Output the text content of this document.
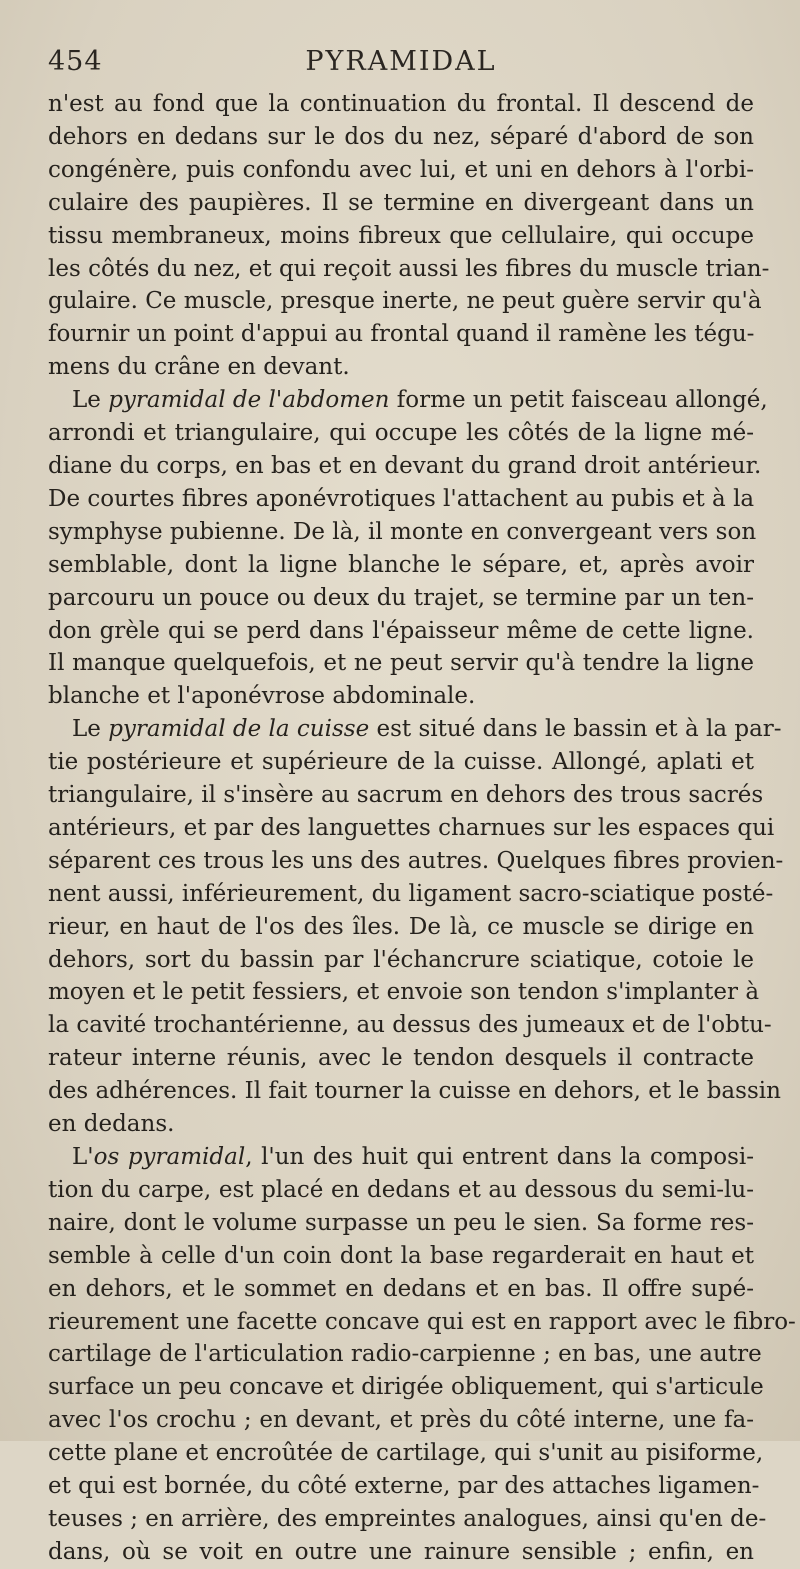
454	PYRAMIDAL

n'est au fond que la continuation du frontal. Il descend de
dehors en dedans sur le dos du nez, séparé d'abord de son
congénère, puis confondu avec lui, et uni en dehors à l'orbi-
culaire des paupières. Il se termine en divergeant dans un
tissu membraneux, moins fibreux que cellulaire, qui occupe
les côtés du nez, et qui reçoit aussi les fibres du muscle trian-
gulaire. Ce muscle, presque inerte, ne peut guère servir qu'à
fournir un point d'appui au frontal quand il ramène les tégu-
mens du crâne en devant.

Le pyramidal de l'abdomen forme un petit faisceau allongé,
arrondi et triangulaire, qui occupe les côtés de la ligne mé-
diane du corps, en bas et en devant du grand droit antérieur.
De courtes fibres aponévrotiques l'attachent au pubis et à la
symphyse pubienne. De là, il monte en convergeant vers son
semblable, dont la ligne blanche le sépare, et, après avoir
parcouru un pouce ou deux du trajet, se termine par un ten-
don grèle qui se perd dans l'épaisseur même de cette ligne.
Il manque quelquefois, et ne peut servir qu'à tendre la ligne
blanche et l'aponévrose abdominale.

Le pyramidal de la cuisse est situé dans le bassin et à la par-
tie postérieure et supérieure de la cuisse. Allongé, aplati et
triangulaire, il s'insère au sacrum en dehors des trous sacrés
antérieurs, et par des languettes charnues sur les espaces qui
séparent ces trous les uns des autres. Quelques fibres provien-
nent aussi, inférieurement, du ligament sacro-sciatique posté-
rieur, en haut de l'os des îles. De là, ce muscle se dirige en
dehors, sort du bassin par l'échancrure sciatique, cotoie le
moyen et le petit fessiers, et envoie son tendon s'implanter à
la cavité trochantérienne, au dessus des jumeaux et de l'obtu-
rateur interne réunis, avec le tendon desquels il contracte
des adhérences. Il fait tourner la cuisse en dehors, et le bassin
en dedans.

L'os pyramidal, l'un des huit qui entrent dans la composi-
tion du carpe, est placé en dedans et au dessous du semi-lu-
naire, dont le volume surpasse un peu le sien. Sa forme res-
semble à celle d'un coin dont la base regarderait en haut et
en dehors, et le sommet en dedans et en bas. Il offre supé-
rieurement une facette concave qui est en rapport avec le fibro-
cartilage de l'articulation radio-carpienne ; en bas, une autre
surface un peu concave et dirigée obliquement, qui s'articule
avec l'os crochu ; en devant, et près du côté interne, une fa-
cette plane et encroûtée de cartilage, qui s'unit au pisiforme,
et qui est bornée, du côté externe, par des attaches ligamen-
teuses ; en arrière, des empreintes analogues, ainsi qu'en de-
dans, où se voit en outre une rainure sensible ; enfin, en
